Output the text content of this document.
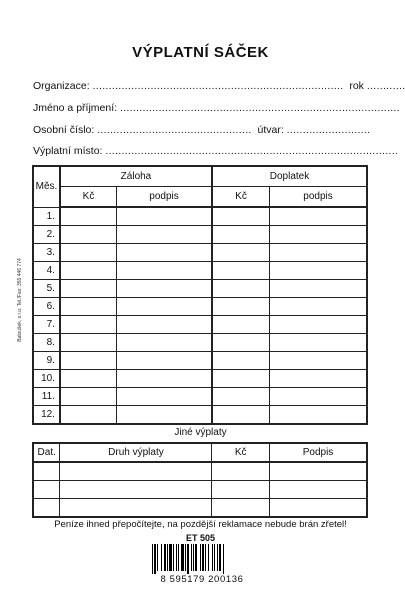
VÝPLATNÍ SÁČEK
Organizace: .............................................................................. rok ............
Jméno a příjmení: .......................................................................................
Osobní číslo: ................................................ útvar: ..........................
Výplatní místo: ...........................................................................................
Baloušek, s.r.o. Tel./Fax: 355 446 774
Měs.	Záloha		Doplatek	
	Kč	podpis	Kč	podpis
1.				
2.				
3.				
4.				
5.				
6.				
7.				
8.				
9.				
10.				
11.				
12.				
Jiné výplaty
Dat.	Druh výplaty	Kč	Podpis

Peníze ihned přepočítejte, na pozdější reklamace nebude brán zřetel!
ET 505
8 595179 200136
